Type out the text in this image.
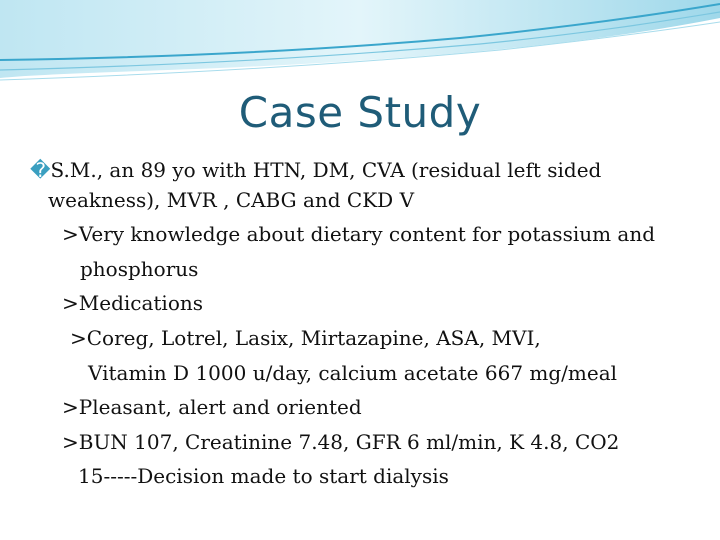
Case Study
�S.M., an 89 yo with HTN, DM, CVA (residual left sided
weakness), MVR , CABG and CKD V
>Very knowledge about dietary content for potassium and
phosphorus
>Medications
>Coreg, Lotrel, Lasix, Mirtazapine, ASA, MVI,
Vitamin D 1000 u/day, calcium acetate 667 mg/meal
>Pleasant, alert and oriented
>BUN 107, Creatinine 7.48, GFR 6 ml/min, K 4.8, CO2
15-----Decision made to start dialysis
